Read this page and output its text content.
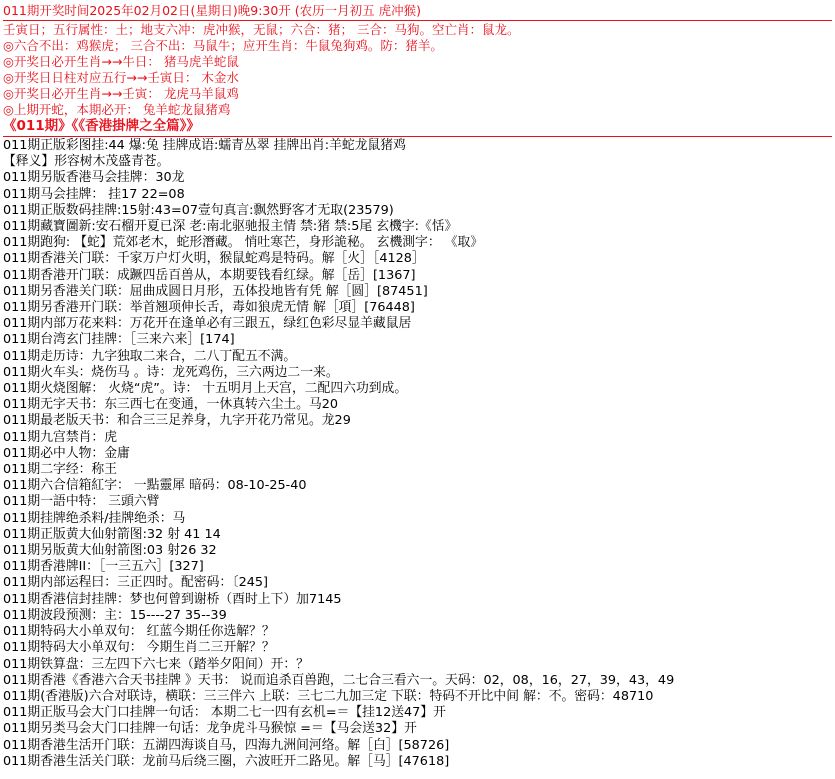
011期开奖时间2025年02月02日(星期日)晚9:30开 (农历一月初五 虎冲猴)
壬寅日；五行属性：土；地支六冲：虎冲猴，无鼠；六合：猪； 三合：马狗。空亡肖：鼠龙。
◎六合不出：鸡猴虎； 三合不出：马鼠牛；应开生肖：牛鼠兔狗鸡。防：猪羊。
◎开奖日必开生肖→→牛日： 猪马虎羊蛇鼠
◎开奖日日柱对应五行→→壬寅日： 木金水
◎开奖日必开生肖→→壬寅： 龙虎马羊鼠鸡
◎上期开蛇，本期必开： 兔羊蛇龙鼠猪鸡
《011期》《《香港掛牌之全篇》》
011期正版彩图挂:44 爆:兔 挂牌成语:蠕青丛翠 挂牌出肖:羊蛇龙鼠猪鸡
【释义】形容树木茂盛青苍。
011期另版香港马会挂牌：30龙
011期马会挂牌： 挂17 22=08
011期正版数码挂牌:15射:43=07壹句真言:飘然野客才无取(23579)
011期藏寶圖新:安石榴开夏已深 老:南北驱驰报主情 禁:猪 禁:5尾 玄機字:《恬》
011期跑狗: 【蛇】荒郊老木，蛇形潛藏。 悄吐寒芒，身形詭秘。 玄機測字： 《取》
011期香港关门联：千家万户灯火明，猴鼠蛇鸡是特码。解［火］［4128］
011期香港开门联：成蹶四岳百兽从，本期要钱看红绿。解［岳］[1367]
011期另香港关门联：屈曲成圆日月形，五体投地皆有凭 解［圆］[87451]
011期另香港开门联：举首翘项伸长舌，毒如狼虎无情 解［項］[76448]
011期内部万花来料：万花开在逢单必有三跟五，绿红色彩尽显羊藏鼠居
011期台湾玄门挂牌：［三来六来］[174]
011期走历诗：九字独取二来合，二八丁配五不满。
011期火车头：烧伤马 。诗：龙死鸡伤，三六两边二一来。
011期火烧图解： 火烧“虎”。诗： 十五明月上天宫，二配四六功到成。
011期无字天书：东三西七在变通，一休真转六尘土。马20
011期最老版天书：和合三三足养身，九字开花乃常见。龙29
011期九宫禁肖：虎
011期必中人物：金庸
011期二字经：称王
011期六合信箱紅字： 一點靈犀 暗码：08-10-25-40
011期一語中特： 三頭六臂
011期挂牌绝杀料/挂牌绝杀：马
011期正版黄大仙射箭图:32 射 41 14
011期另版黄大仙射箭图:03 射26 32
011期香港牌II：［一三五六］[327]
011期内部运程曰：三正四时。配密码：〔245]
011期香港信封挂牌：梦也何曾到谢桥（酉时上下）加7145
011期波段预测：主：15----27 35--39
011期特码大小单双句： 红蓝今期任你选解？？
011期特码大小单双句： 今期生肖二三开解？？
011期铁算盘：三左四下六七来（踏举夕阳间）开：？
011期香港《香港六合天书挂牌 》天书： 说而追杀百兽跑，二七合三看六一。天码：02，08，16，27，39，43，49
011期(香港版)六合对联诗，横联：三三伴六 上联：三七二九加三定 下联：特码不开比中间 解：不。密码：48710
011期正版马会大门口挂牌一句话： 本期二七一四有玄机=＝【挂12送47】开
011期另类马会大门口挂牌一句话：龙争虎斗马猴惊 =＝【马会送32】开
011期香港生活开门联：五湖四海谈自马，四海九洲间河络。解［白］[58726]
011期香港生活关门联：龙前马后绕三圈，六波旺开二路见。解［马］[47618]
